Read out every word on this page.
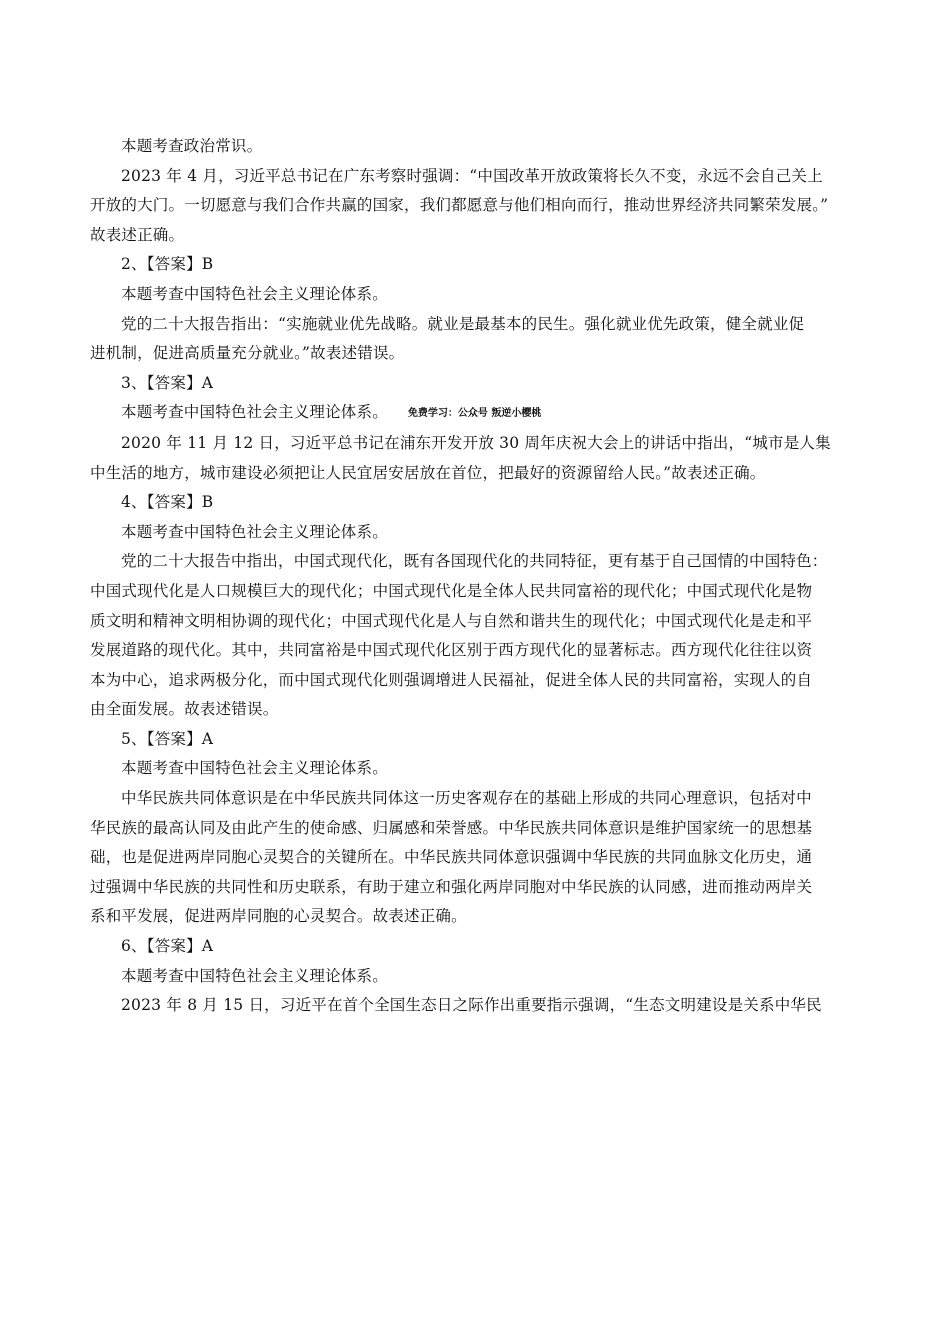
本题考查政治常识。

2023 年 4 月，习近平总书记在广东考察时强调：“中国改革开放政策将长久不变，永远不会自己关上

开放的大门。一切愿意与我们合作共赢的国家，我们都愿意与他们相向而行，推动世界经济共同繁荣发展。”

故表述正确。

2、【答案】B

本题考查中国特色社会主义理论体系。

党的二十大报告指出：“实施就业优先战略。就业是最基本的民生。强化就业优先政策，健全就业促

进机制，促进高质量充分就业。”故表述错误。

3、【答案】A

本题考查中国特色社会主义理论体系。 免费学习：公众号 叛逆小樱桃

2020 年 11 月 12 日，习近平总书记在浦东开发开放 30 周年庆祝大会上的讲话中指出，“城市是人集

中生活的地方，城市建设必须把让人民宜居安居放在首位，把最好的资源留给人民。”故表述正确。

4、【答案】B

本题考查中国特色社会主义理论体系。

党的二十大报告中指出，中国式现代化，既有各国现代化的共同特征，更有基于自己国情的中国特色：

中国式现代化是人口规模巨大的现代化；中国式现代化是全体人民共同富裕的现代化；中国式现代化是物

质文明和精神文明相协调的现代化；中国式现代化是人与自然和谐共生的现代化；中国式现代化是走和平

发展道路的现代化。其中，共同富裕是中国式现代化区别于西方现代化的显著标志。西方现代化往往以资

本为中心，追求两极分化，而中国式现代化则强调增进人民福祉，促进全体人民的共同富裕，实现人的自

由全面发展。故表述错误。

5、【答案】A

本题考查中国特色社会主义理论体系。

中华民族共同体意识是在中华民族共同体这一历史客观存在的基础上形成的共同心理意识，包括对中

华民族的最高认同及由此产生的使命感、归属感和荣誉感。中华民族共同体意识是维护国家统一的思想基

础，也是促进两岸同胞心灵契合的关键所在。中华民族共同体意识强调中华民族的共同血脉文化历史，通

过强调中华民族的共同性和历史联系，有助于建立和强化两岸同胞对中华民族的认同感，进而推动两岸关

系和平发展，促进两岸同胞的心灵契合。故表述正确。

6、【答案】A

本题考查中国特色社会主义理论体系。

2023 年 8 月 15 日，习近平在首个全国生态日之际作出重要指示强调，“生态文明建设是关系中华民
